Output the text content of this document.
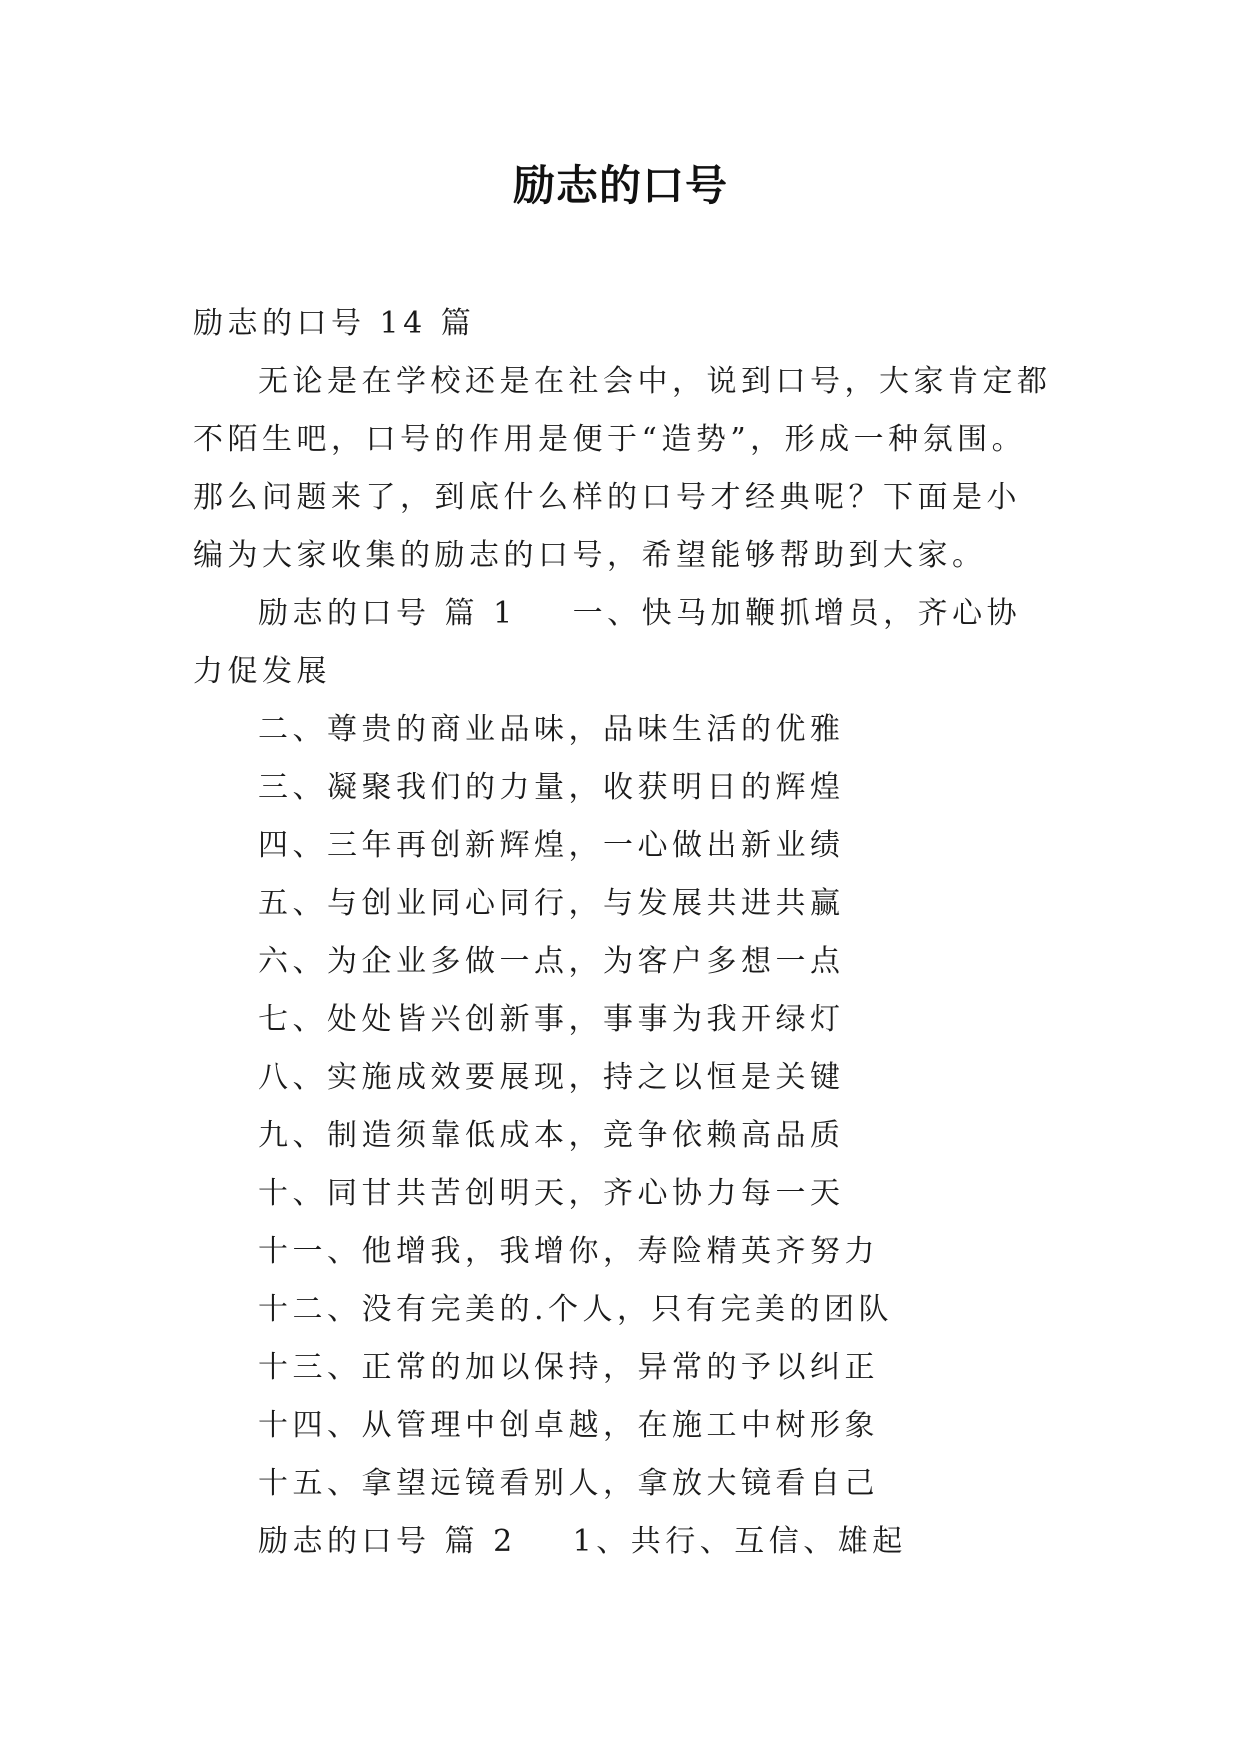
励志的口号

励志的口号 14 篇

无论是在学校还是在社会中，说到口号，大家肯定都不陌生吧，口号的作用是便于“造势”，形成一种氛围。那么问题来了，到底什么样的口号才经典呢？下面是小编为大家收集的励志的口号，希望能够帮助到大家。

励志的口号 篇 1 一、快马加鞭抓增员，齐心协力促发展

二、尊贵的商业品味，品味生活的优雅

三、凝聚我们的力量，收获明日的辉煌

四、三年再创新辉煌，一心做出新业绩

五、与创业同心同行，与发展共进共赢

六、为企业多做一点，为客户多想一点

七、处处皆兴创新事，事事为我开绿灯

八、实施成效要展现，持之以恒是关键

九、制造须靠低成本，竞争依赖高品质

十、同甘共苦创明天，齐心协力每一天

十一、他增我，我增你，寿险精英齐努力

十二、没有完美的.个人，只有完美的团队

十三、正常的加以保持，异常的予以纠正

十四、从管理中创卓越，在施工中树形象

十五、拿望远镜看别人，拿放大镜看自己

励志的口号 篇 2 1、共行、互信、雄起
